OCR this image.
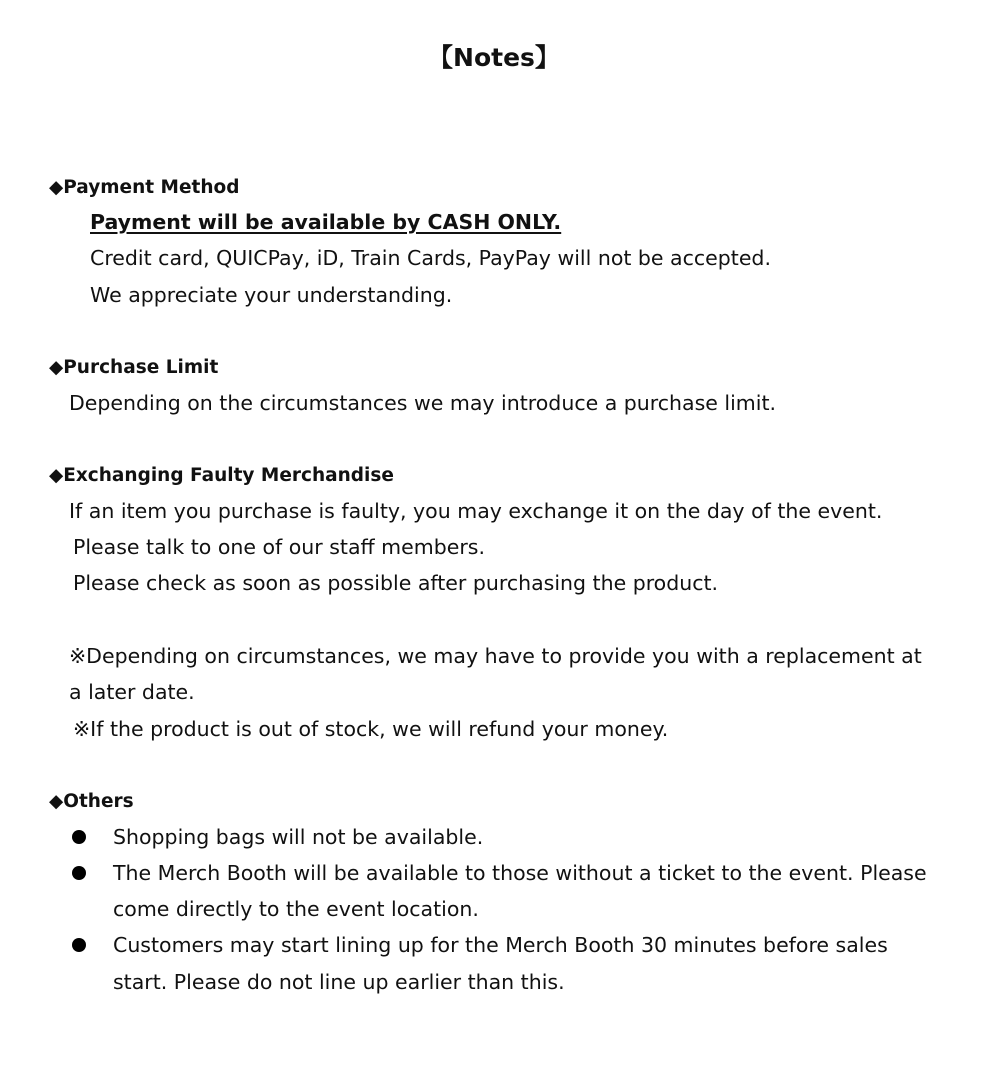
【Notes】
◆Payment Method
Payment will be available by CASH ONLY.
Credit card, QUICPay, iD, Train Cards, PayPay will not be accepted.
We appreciate your understanding.
◆Purchase Limit
Depending on the circumstances we may introduce a purchase limit.
◆Exchanging Faulty Merchandise
If an item you purchase is faulty, you may exchange it on the day of the event.
Please talk to one of our staff members.
Please check as soon as possible after purchasing the product.
※Depending on circumstances, we may have to provide you with a replacement at
a later date.
※If the product is out of stock, we will refund your money.
◆Others
Shopping bags will not be available.
The Merch Booth will be available to those without a ticket to the event. Please
come directly to the event location.
Customers may start lining up for the Merch Booth 30 minutes before sales
start. Please do not line up earlier than this.
